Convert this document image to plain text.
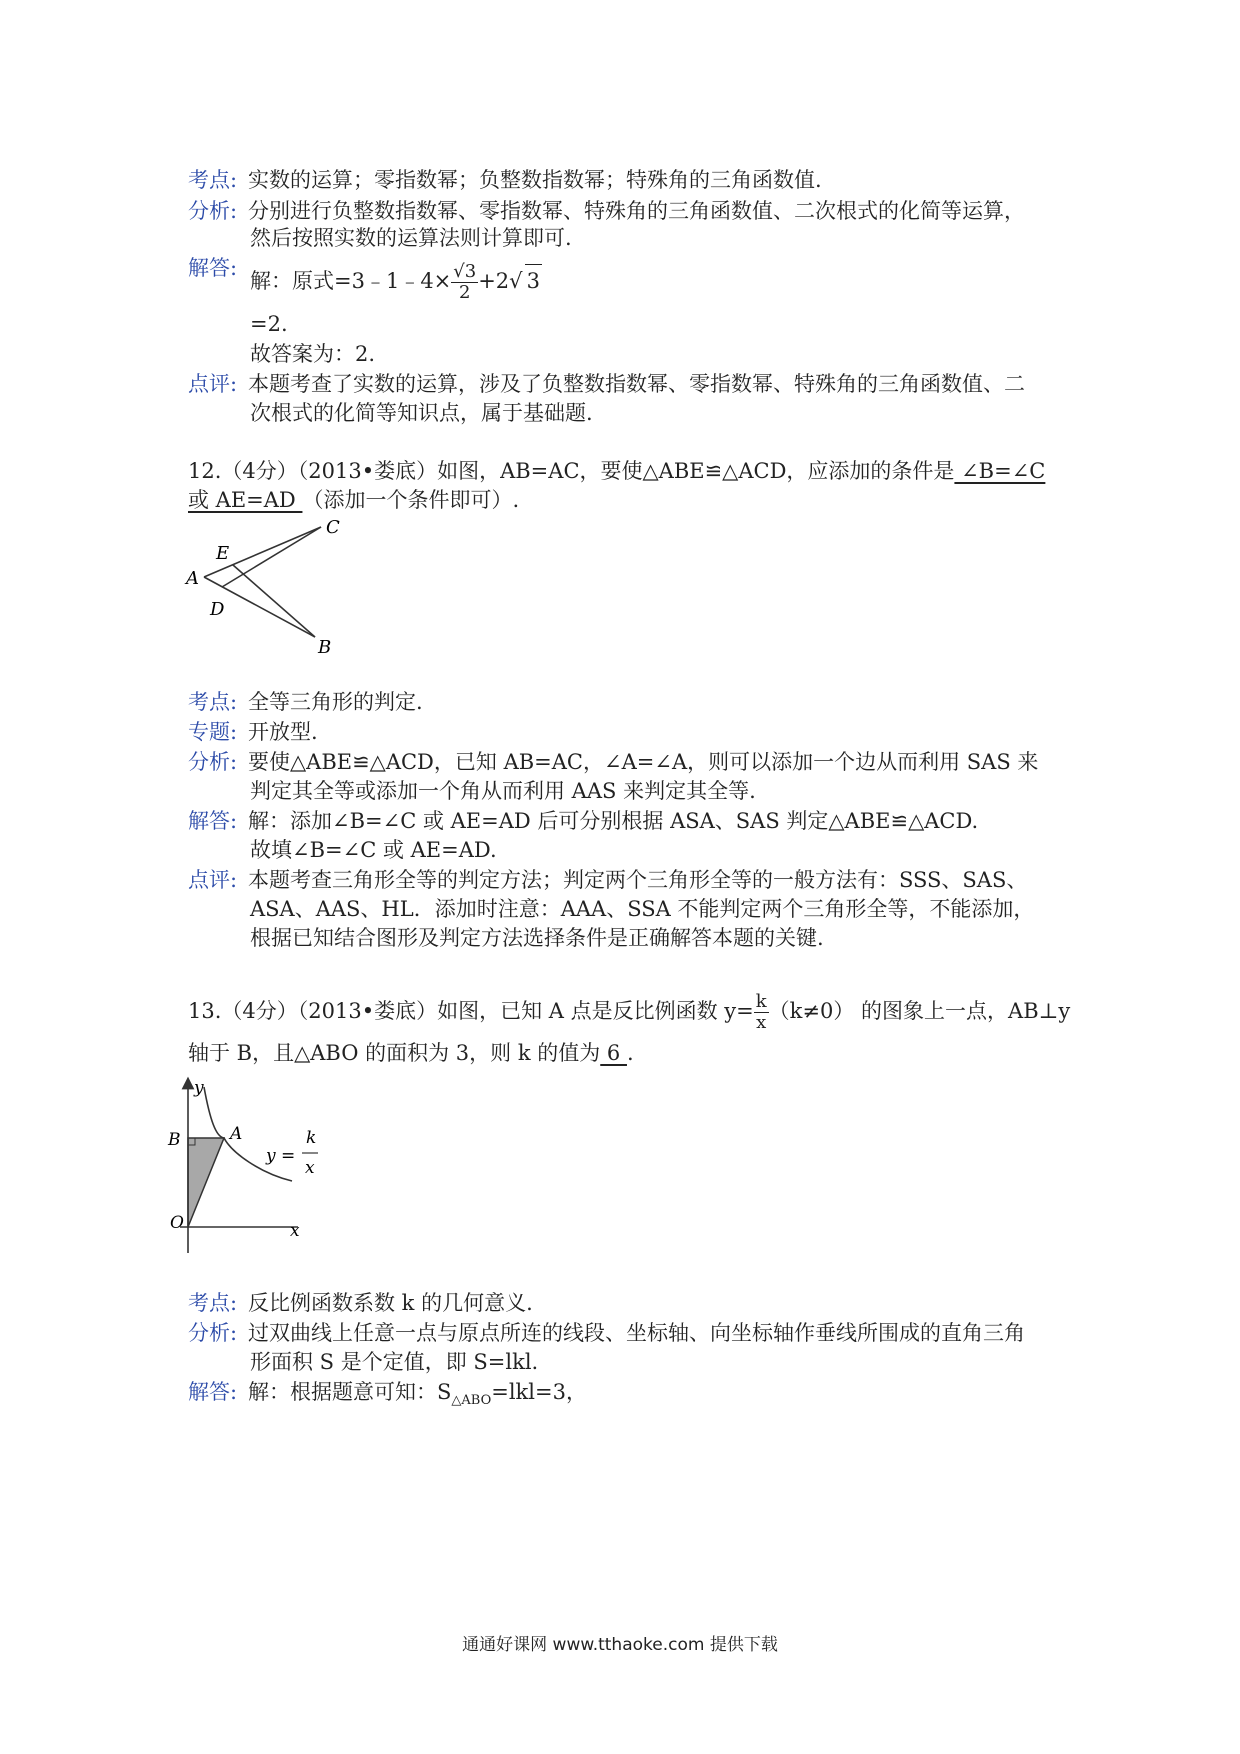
考点: 实数的运算；零指数幂；负整数指数幂；特殊角的三角函数值.
分析: 分别进行负整数指数幂、零指数幂、特殊角的三角函数值、二次根式的化简等运算，
然后按照实数的运算法则计算即可.
解答:
解：原式=3﹣1﹣4× $\frac{√3}{2} +2√$ 3
=2.
故答案为：2.
点评: 本题考查了实数的运算，涉及了负整数指数幂、零指数幂、特殊角的三角函数值、二
次根式的化简等知识点，属于基础题.
12.（4分）（2013•娄底）如图，AB=AC，要使△ABE≌△ACD，应添加的条件是 ∠B=∠C
或 AE=AD （添加一个条件即可）.
A
E
C
D
B
考点: 全等三角形的判定.
专题: 开放型.
分析: 要使△ABE≌△ACD，已知 AB=AC，∠A=∠A，则可以添加一个边从而利用 SAS 来
判定其全等或添加一个角从而利用 AAS 来判定其全等.
解答: 解：添加∠B=∠C 或 AE=AD 后可分别根据 ASA、SAS 判定△ABE≌△ACD.
故填∠B=∠C 或 AE=AD.
点评: 本题考查三角形全等的判定方法；判定两个三角形全等的一般方法有：SSS、SAS、
ASA、AAS、HL．添加时注意：AAA、SSA 不能判定两个三角形全等，不能添加，
根据已知结合图形及判定方法选择条件是正确解答本题的关键.
13.（4分）（2013•娄底）如图，已知 A 点是反比例函数 $y= \frac{k}{x} (k\ne 0)$ 的图象上一点，AB⊥y
轴于 B，且△ABO 的面积为 3，则 k 的值为 6 .
y
x
B	A
O
y =
k
x
考点: 反比例函数系数 k 的几何意义.
分析: 过双曲线上任意一点与原点所连的线段、坐标轴、向坐标轴作垂线所围成的直角三角
形面积 S 是个定值，即 S=lkl.
解答: 解：根据题意可知：$S_{\triangle ABO}=lkl=3$，
通通好课网 www.tthaoke.com 提供下载
